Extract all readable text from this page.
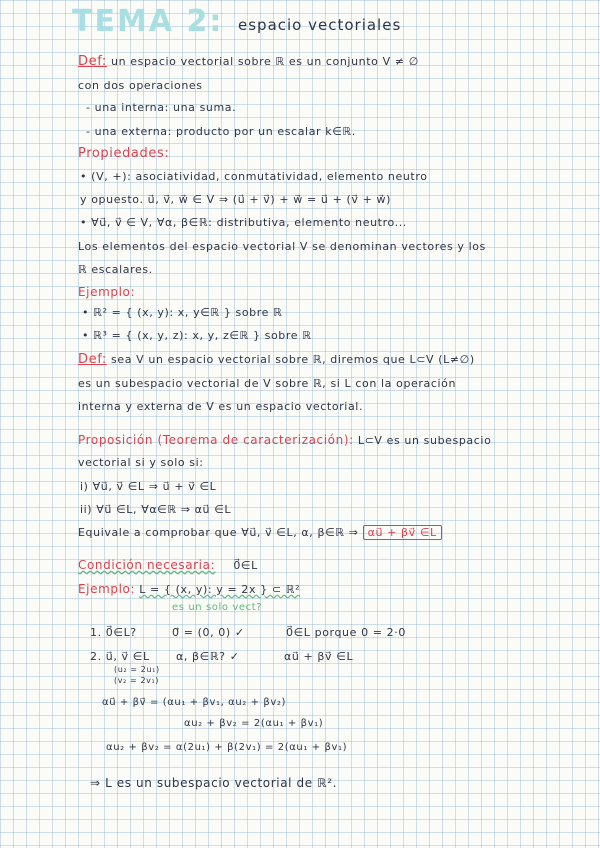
TEMA 2: espacio vectoriales
Def: un espacio vectorial sobre ℝ es un conjunto V ≠ ∅
con dos operaciones
- una interna: una suma.
- una externa: producto por un escalar k∈ℝ.
Propiedades:
• (V, +): asociatividad, conmutatividad, elemento neutro
y opuesto. u⃗, v⃗, w⃗ ∈ V ⇒ (u⃗ + v⃗) + w⃗ = u⃗ + (v⃗ + w⃗)
• ∀u⃗, v⃗ ∈ V, ∀α, β∈ℝ: distributiva, elemento neutro...
Los elementos del espacio vectorial V se denominan vectores y los
ℝ escalares.
Ejemplo:
• ℝ² = { (x, y): x, y∈ℝ } sobre ℝ
• ℝ³ = { (x, y, z): x, y, z∈ℝ } sobre ℝ
Def: sea V un espacio vectorial sobre ℝ, diremos que L⊂V (L≠∅)
es un subespacio vectorial de V sobre ℝ, si L con la operación
interna y externa de V es un espacio vectorial.
Proposición (Teorema de caracterización): L⊂V es un subespacio
vectorial si y solo si:
i) ∀u⃗, v⃗ ∈L ⇒ u⃗ + v⃗ ∈L
ii) ∀u⃗ ∈L, ∀α∈ℝ ⇒ αu⃗ ∈L
Equivale a comprobar que ∀u⃗, v⃗ ∈L, α, β∈ℝ ⇒ αu⃗ + βv⃗ ∈L
Condición necesaria: 0⃗∈L
Ejemplo: L = { (x, y): y = 2x } ⊂ ℝ²
es un solo vect?
1. 0⃗∈L?	0⃗ = (0, 0) ✓	0⃗∈L porque 0 = 2·0
2. u⃗, v⃗ ∈L α, β∈ℝ? ✓	αu⃗ + βv⃗ ∈L
(u₂ = 2u₁)
(v₂ = 2v₁)
αu⃗ + βv⃗ = (αu₁ + βv₁, αu₂ + βv₂)
αu₂ + βv₂ = 2(αu₁ + βv₁)
αu₂ + βv₂ = α(2u₁) + β(2v₁) = 2(αu₁ + βv₁)
⇒ L es un subespacio vectorial de ℝ².
